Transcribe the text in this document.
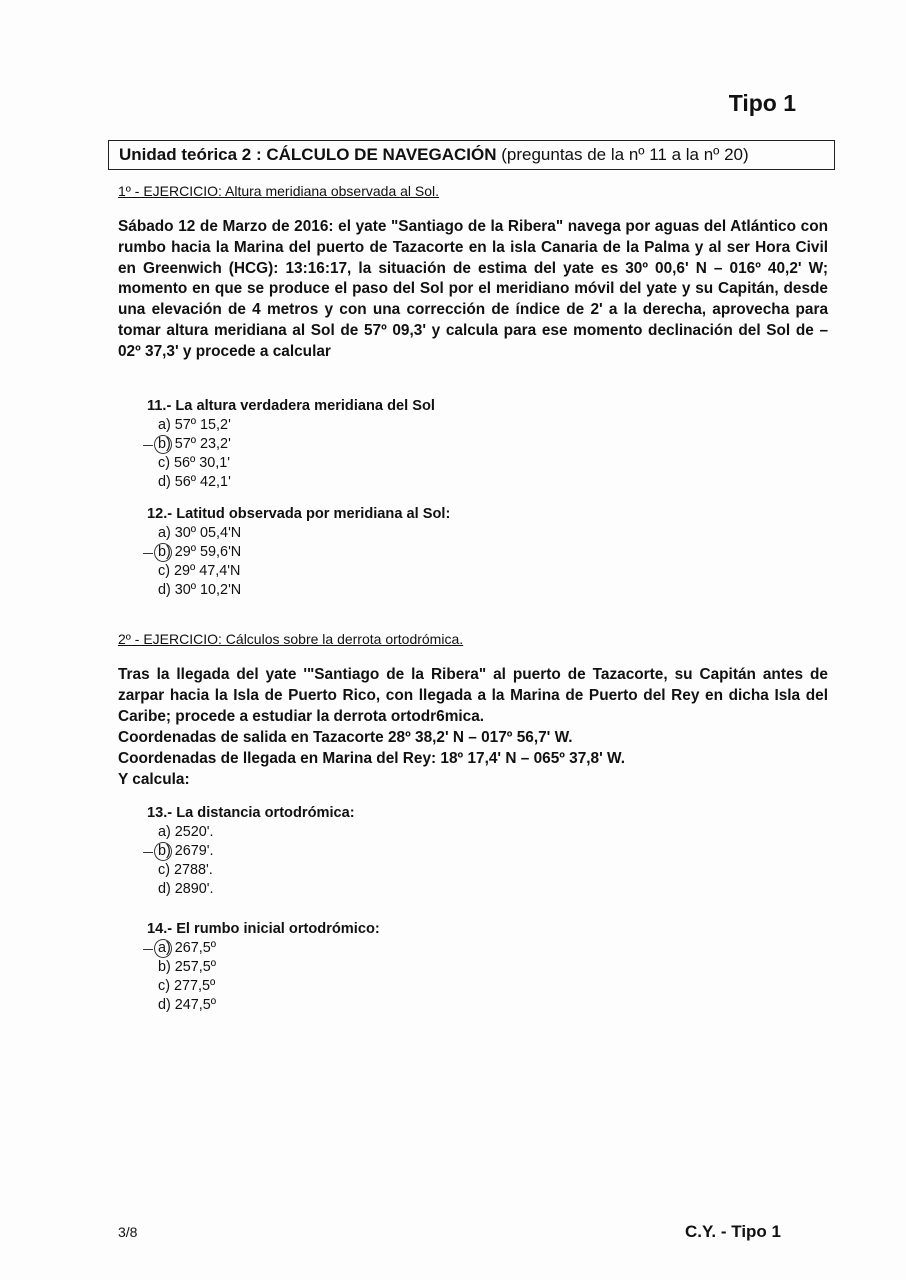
Tipo 1
Unidad teórica 2 : CÁLCULO DE NAVEGACIÓN (preguntas de la nº 11 a la nº 20)
1º - EJERCICIO: Altura meridiana observada al Sol.
Sábado 12 de Marzo de 2016: el yate "Santiago de la Ribera" navega por aguas del Atlántico con rumbo hacia la Marina del puerto de Tazacorte en la isla Canaria de la Palma y al ser Hora Civil en Greenwich (HCG): 13:16:17, la situación de estima del yate es 30º 00,6' N – 016º 40,2' W; momento en que se produce el paso del Sol por el meridiano móvil del yate y su Capitán, desde una elevación de 4 metros y con una corrección de índice de 2' a la derecha, aprovecha para tomar altura meridiana al Sol de 57º 09,3' y calcula para ese momento declinación del Sol de – 02º 37,3' y procede a calcular
11.- La altura verdadera meridiana del Sol
a) 57º 15,2'
b) 57º 23,2'
c) 56º 30,1'
d) 56º 42,1'
12.- Latitud observada por meridiana al Sol:
a) 30º 05,4'N
b) 29º 59,6'N
c) 29º 47,4'N
d) 30º 10,2'N
2º - EJERCICIO: Cálculos sobre la derrota ortodrómica.
Tras la llegada del yate '"Santiago de la Ribera" al puerto de Tazacorte, su Capitán antes de zarpar hacia la Isla de Puerto Rico, con llegada a la Marina de Puerto del Rey en dicha Isla del Caribe; procede a estudiar la derrota ortodr6mica.
Coordenadas de salida en Tazacorte 28º 38,2' N – 017º 56,7' W.
Coordenadas de llegada en Marina del Rey: 18º 17,4' N – 065º 37,8' W.
Y calcula:
13.- La distancia ortodrómica:
a) 2520'.
b) 2679'.
c) 2788'.
d) 2890'.
14.- El rumbo inicial ortodrómico:
a) 267,5º
b) 257,5º
c) 277,5º
d) 247,5º
3/8	C.Y. - Tipo 1
